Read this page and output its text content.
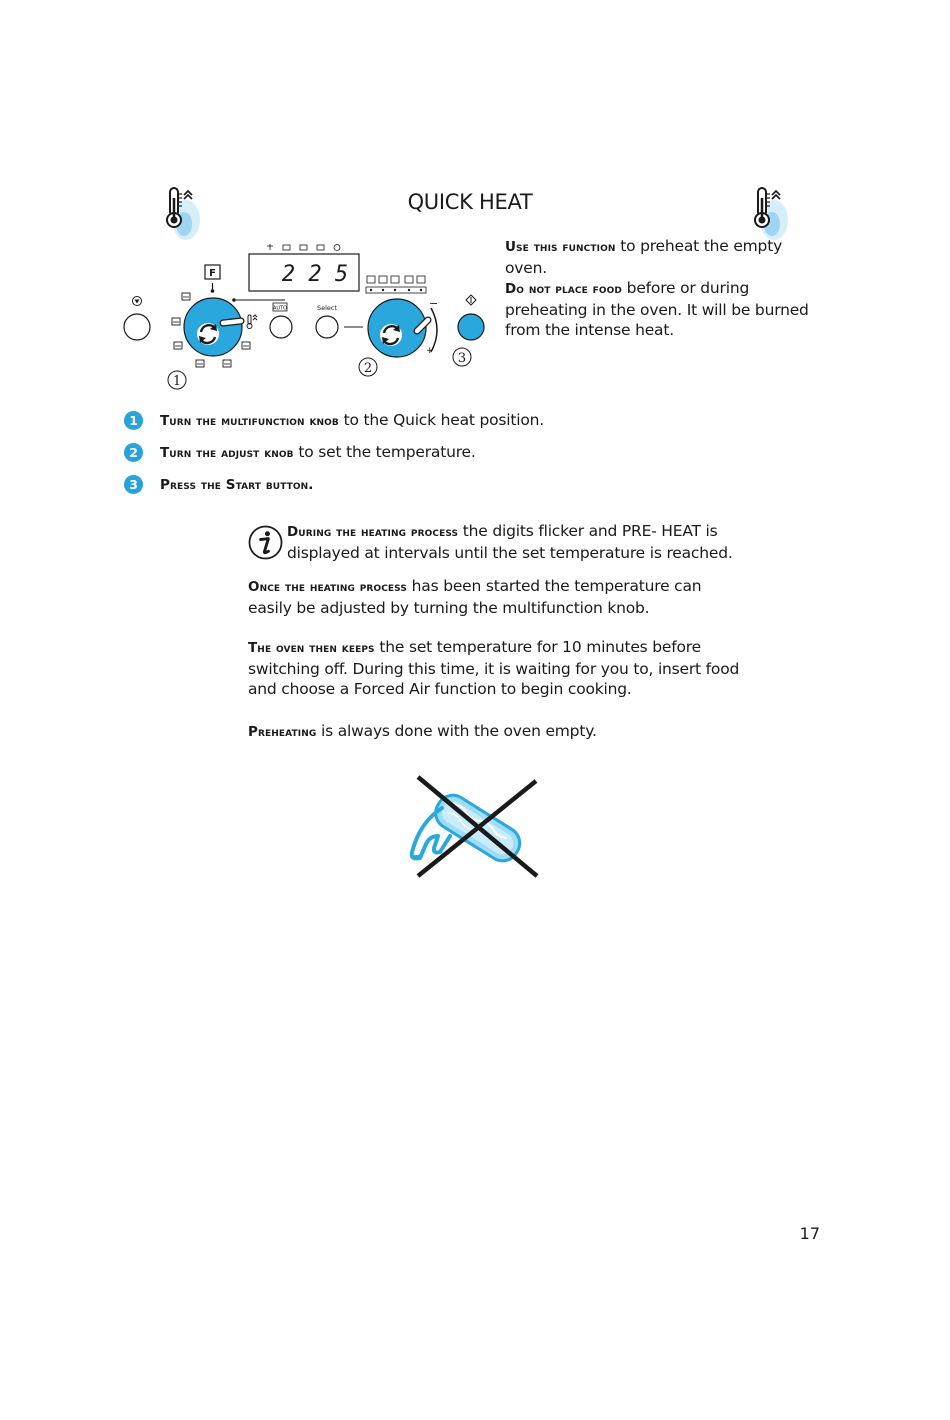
QUICK HEAT
Use this function to preheat the empty oven.
Do not place food before or during preheating in the oven. It will be burned from the intense heat.
F	2 2 5
AUTO	Select	−
+
1
2
3
1	Turn the multifunction knob to the Quick heat position.
2	Turn the adjust knob to set the temperature.
3	Press the Start button.
During the heating process the digits flicker and PRE- HEAT is displayed at intervals until the set temperature is reached.
Once the heating process has been started the temperature can easily be adjusted by turning the multifunction knob.
The oven then keeps the set temperature for 10 minutes before switching off. During this time, it is waiting for you to, insert food and choose a Forced Air function to begin cooking.
Preheating is always done with the oven empty.
17
